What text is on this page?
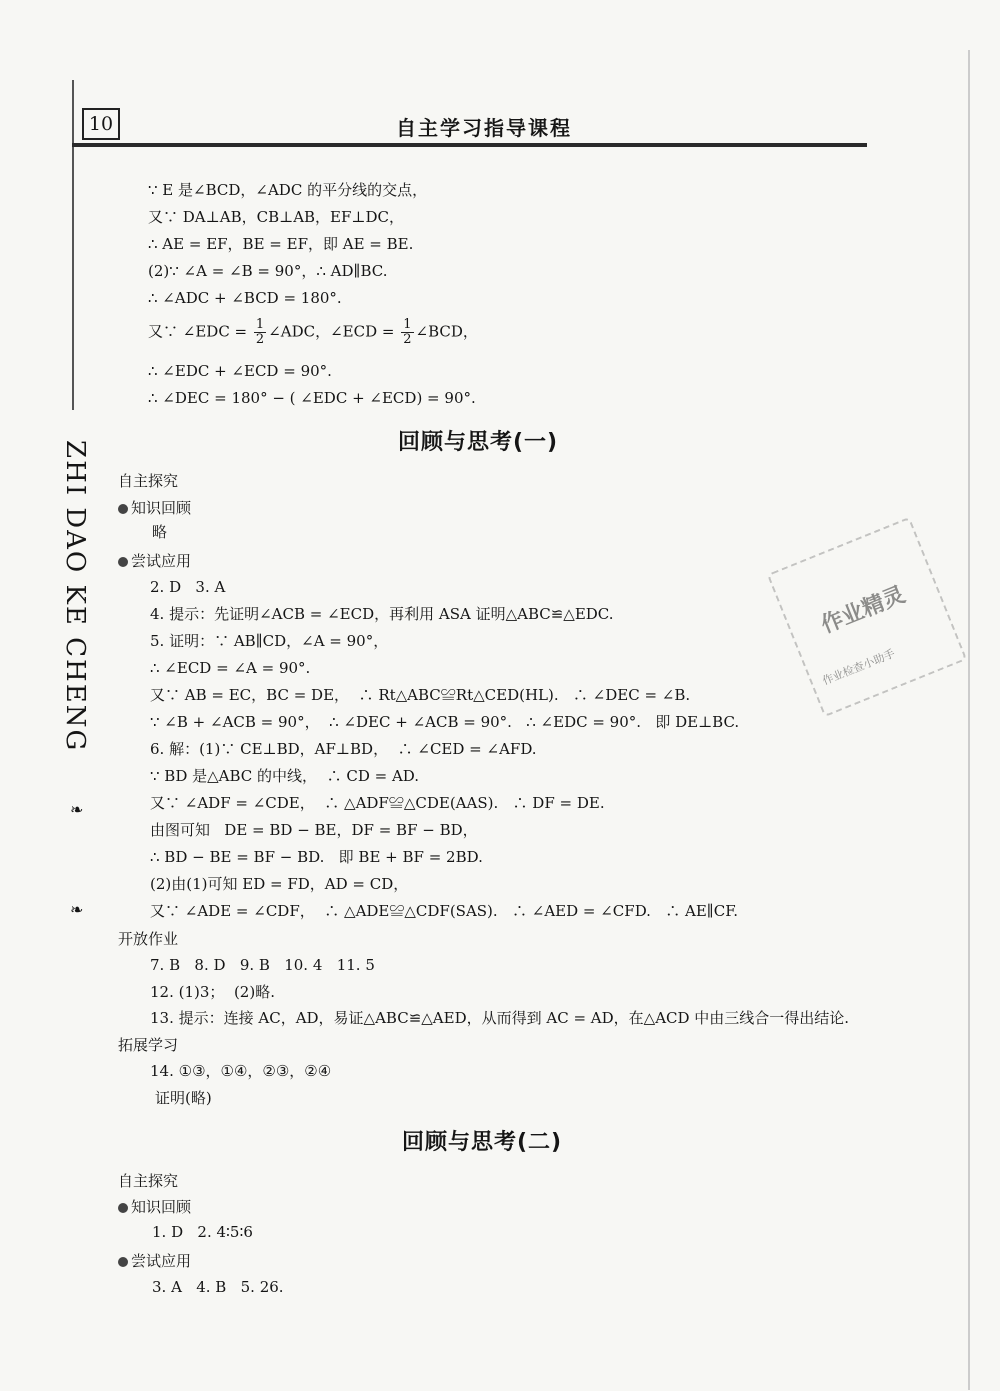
10	自主学习指导课程
ZHI DAO KE CHENG
❧
❧
作业精灵
作业检查小助手
∵ E 是∠BCD，∠ADC 的平分线的交点，
又∵ DA⊥AB，CB⊥AB，EF⊥DC，
∴ AE = EF，BE = EF，即 AE = BE.
(2)∵ ∠A = ∠B = 90°，∴ AD∥BC.
∴ ∠ADC + ∠BCD = 180°.
又∵ ∠EDC = $\frac{1}{2}$ ∠ADC，∠ECD = $\frac{1}{2}$ ∠BCD，
∴ ∠EDC + ∠ECD = 90°.
∴ ∠DEC = 180° − ( ∠EDC + ∠ECD) = 90°.
回顾与思考(一)
自主探究
知识回顾
略
尝试应用
2. D   3. A
4. 提示：先证明∠ACB = ∠ECD，再利用 ASA 证明△ABC≌△EDC.
5. 证明：∵ AB∥CD，∠A = 90°，
∴ ∠ECD = ∠A = 90°.
又∵ AB = EC，BC = DE，  ∴ Rt△ABC≌Rt△CED(HL).   ∴ ∠DEC = ∠B.
∵ ∠B + ∠ACB = 90°，  ∴ ∠DEC + ∠ACB = 90°.   ∴ ∠EDC = 90°.   即 DE⊥BC.
6. 解：(1)∵ CE⊥BD，AF⊥BD，  ∴ ∠CED = ∠AFD.
∵ BD 是△ABC 的中线，  ∴ CD = AD.
又∵ ∠ADF = ∠CDE，  ∴ △ADF≌△CDE(AAS).   ∴ DF = DE.
由图可知   DE = BD − BE，DF = BF − BD，
∴ BD − BE = BF − BD.   即 BE + BF = 2BD.
(2)由(1)可知 ED = FD，AD = CD，
又∵ ∠ADE = ∠CDF，  ∴ △ADE≌△CDF(SAS).   ∴ ∠AED = ∠CFD.   ∴ AE∥CF.
开放作业
7. B   8. D   9. B   10. 4   11. 5
12. (1)3；  (2)略.
13. 提示：连接 AC，AD，易证△ABC≌△AED，从而得到 AC = AD，在△ACD 中由三线合一得出结论.
拓展学习
14. ①③，①④，②③，②④
证明(略)
回顾与思考(二)
自主探究
知识回顾
1. D   2. 4∶5∶6
尝试应用
3. A   4. B   5. 26.
